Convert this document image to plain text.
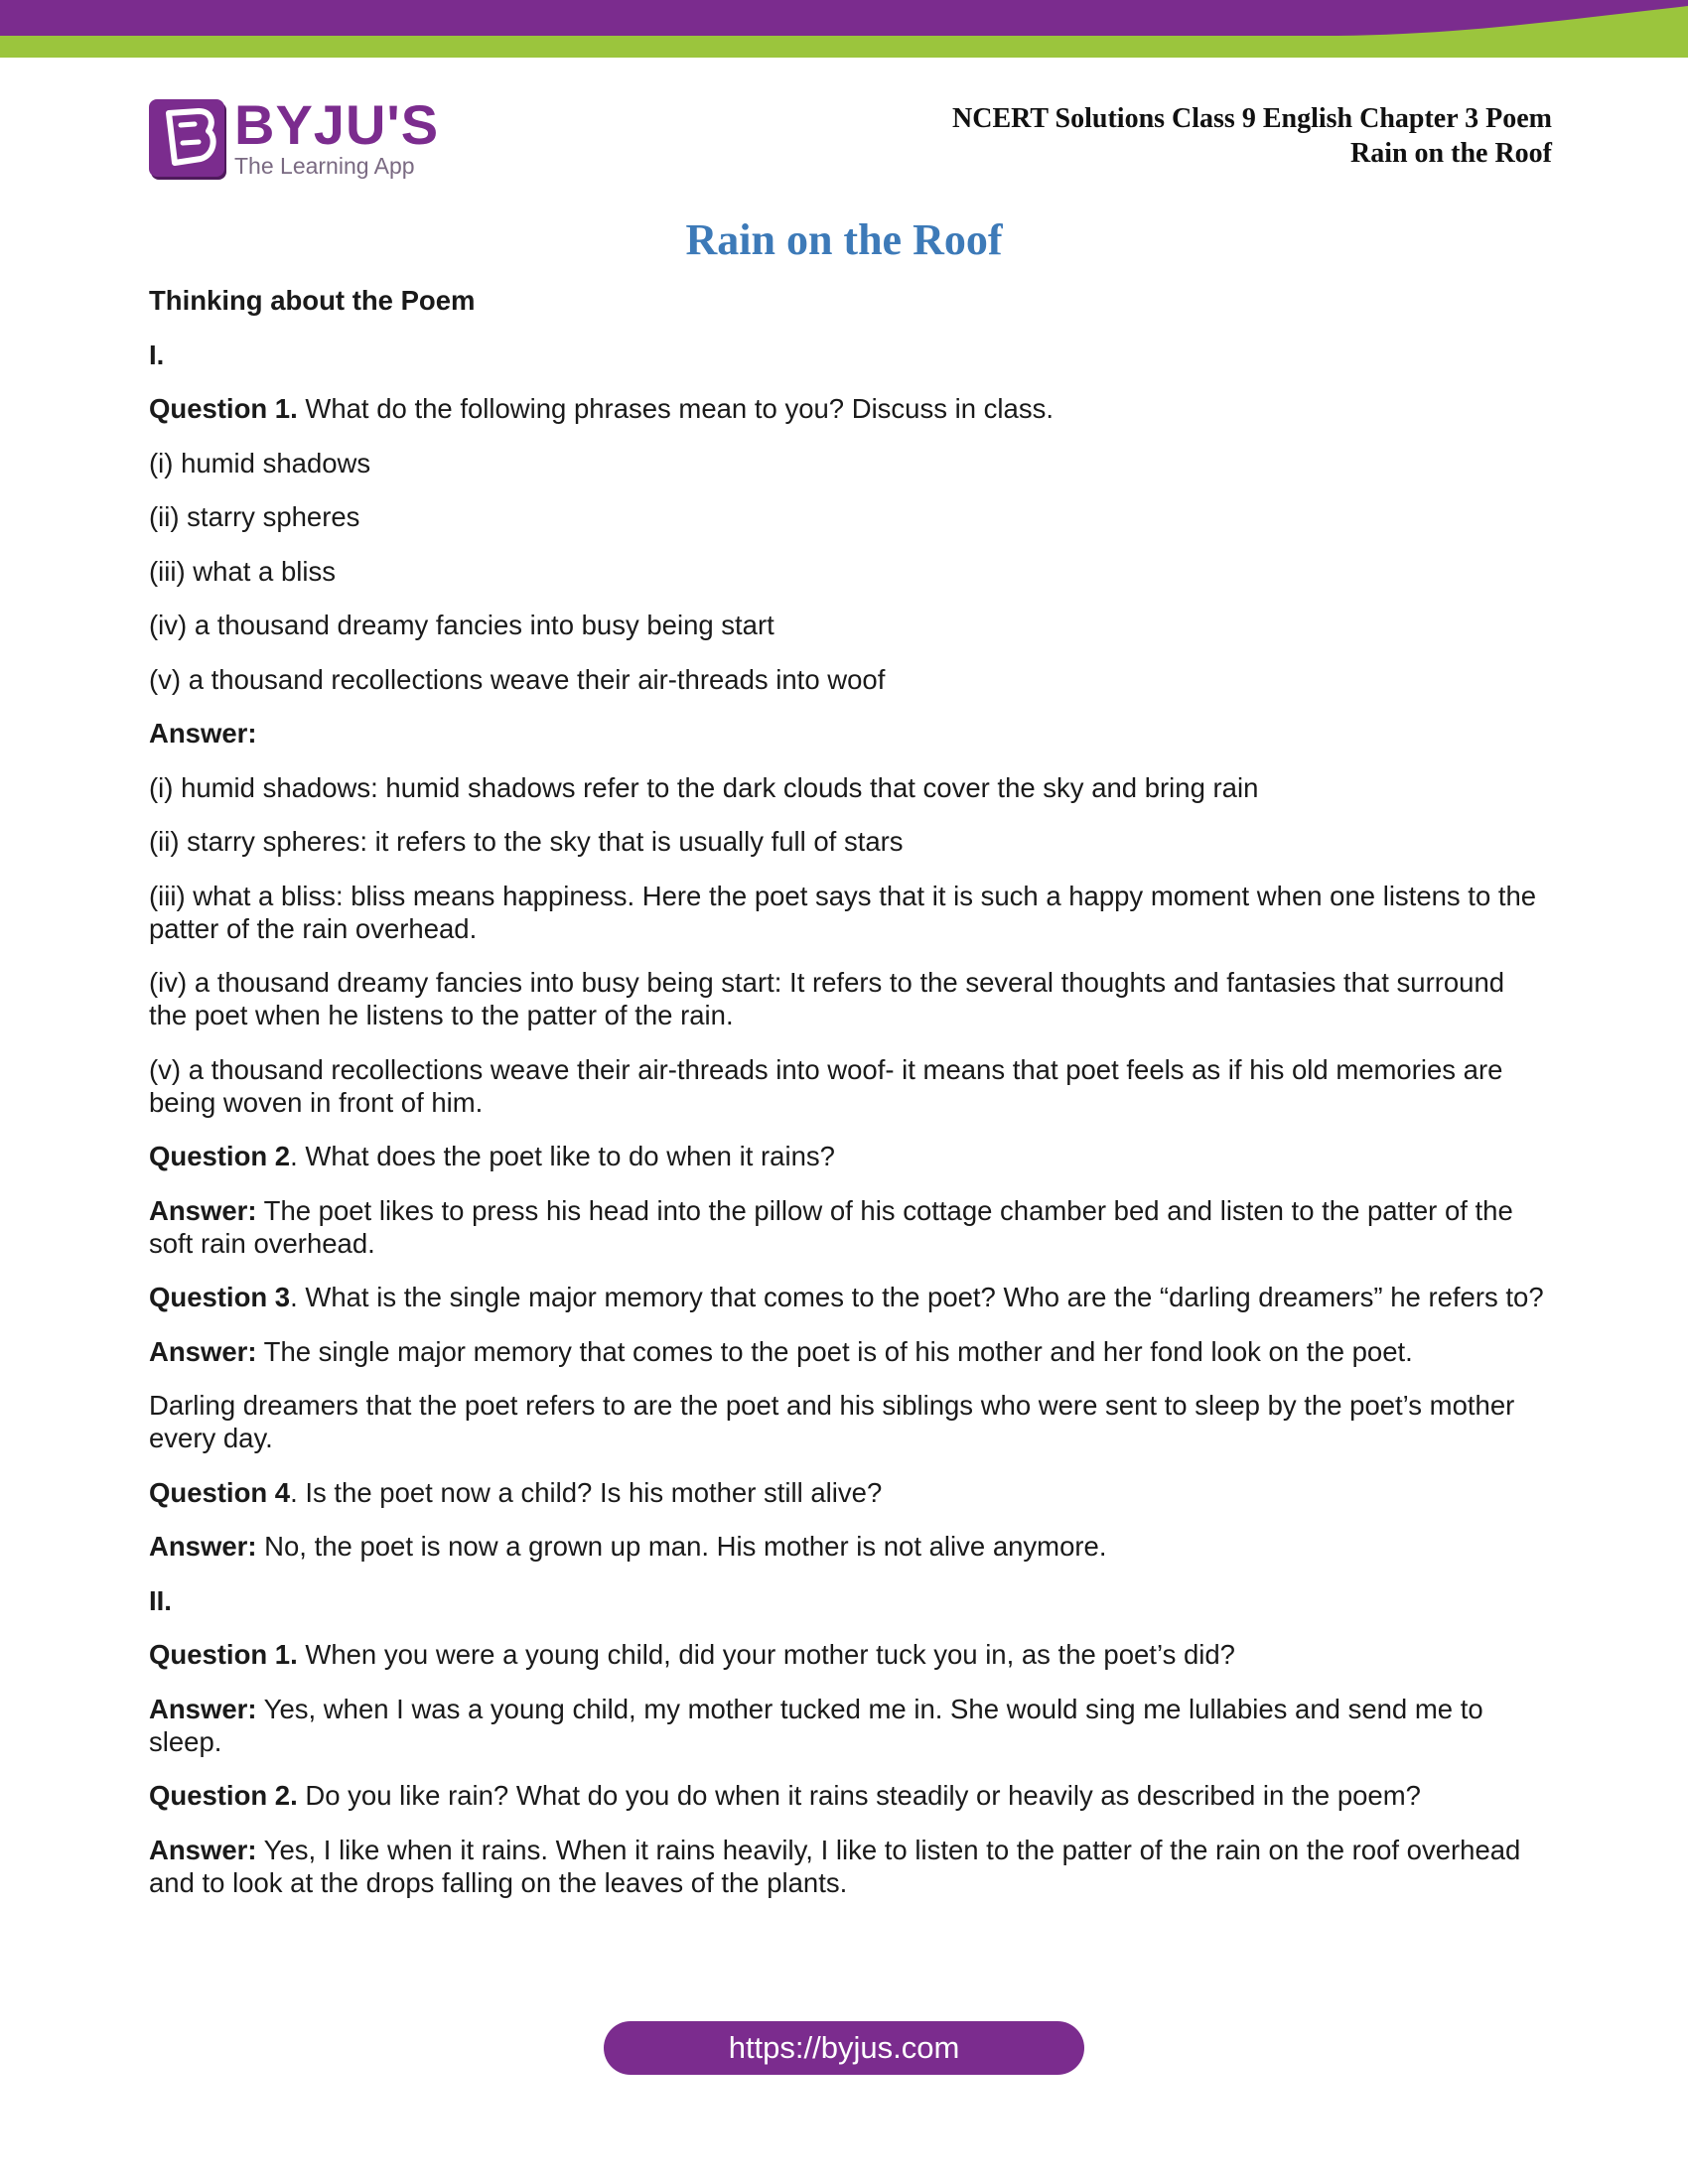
BYJU'S
The Learning App
NCERT Solutions Class 9 English Chapter 3 Poem
Rain on the Roof
Rain on the Roof

Thinking about the Poem

I.

Question 1. What do the following phrases mean to you? Discuss in class.

(i) humid shadows

(ii) starry spheres

(iii) what a bliss

(iv) a thousand dreamy fancies into busy being start

(v) a thousand recollections weave their air-threads into woof

Answer:

(i) humid shadows: humid shadows refer to the dark clouds that cover the sky and bring rain

(ii) starry spheres: it refers to the sky that is usually full of stars

(iii) what a bliss: bliss means happiness. Here the poet says that it is such a happy moment when one listens to the patter of the rain overhead.

(iv) a thousand dreamy fancies into busy being start: It refers to the several thoughts and fantasies that surround the poet when he listens to the patter of the rain.

(v) a thousand recollections weave their air-threads into woof- it means that poet feels as if his old memories are being woven in front of him.

Question 2. What does the poet like to do when it rains?

Answer: The poet likes to press his head into the pillow of his cottage chamber bed and listen to the patter of the soft rain overhead.

Question 3. What is the single major memory that comes to the poet? Who are the “darling dreamers” he refers to?

Answer: The single major memory that comes to the poet is of his mother and her fond look on the poet.

Darling dreamers that the poet refers to are the poet and his siblings who were sent to sleep by the poet’s mother every day.

Question 4. Is the poet now a child? Is his mother still alive?

Answer: No, the poet is now a grown up man. His mother is not alive anymore.

II.

Question 1. When you were a young child, did your mother tuck you in, as the poet’s did?

Answer: Yes, when I was a young child, my mother tucked me in. She would sing me lullabies and send me to sleep.

Question 2. Do you like rain? What do you do when it rains steadily or heavily as described in the poem?

Answer: Yes, I like when it rains. When it rains heavily, I like to listen to the patter of the rain on the roof overhead and to look at the drops falling on the leaves of the plants.

https://byjus.com
